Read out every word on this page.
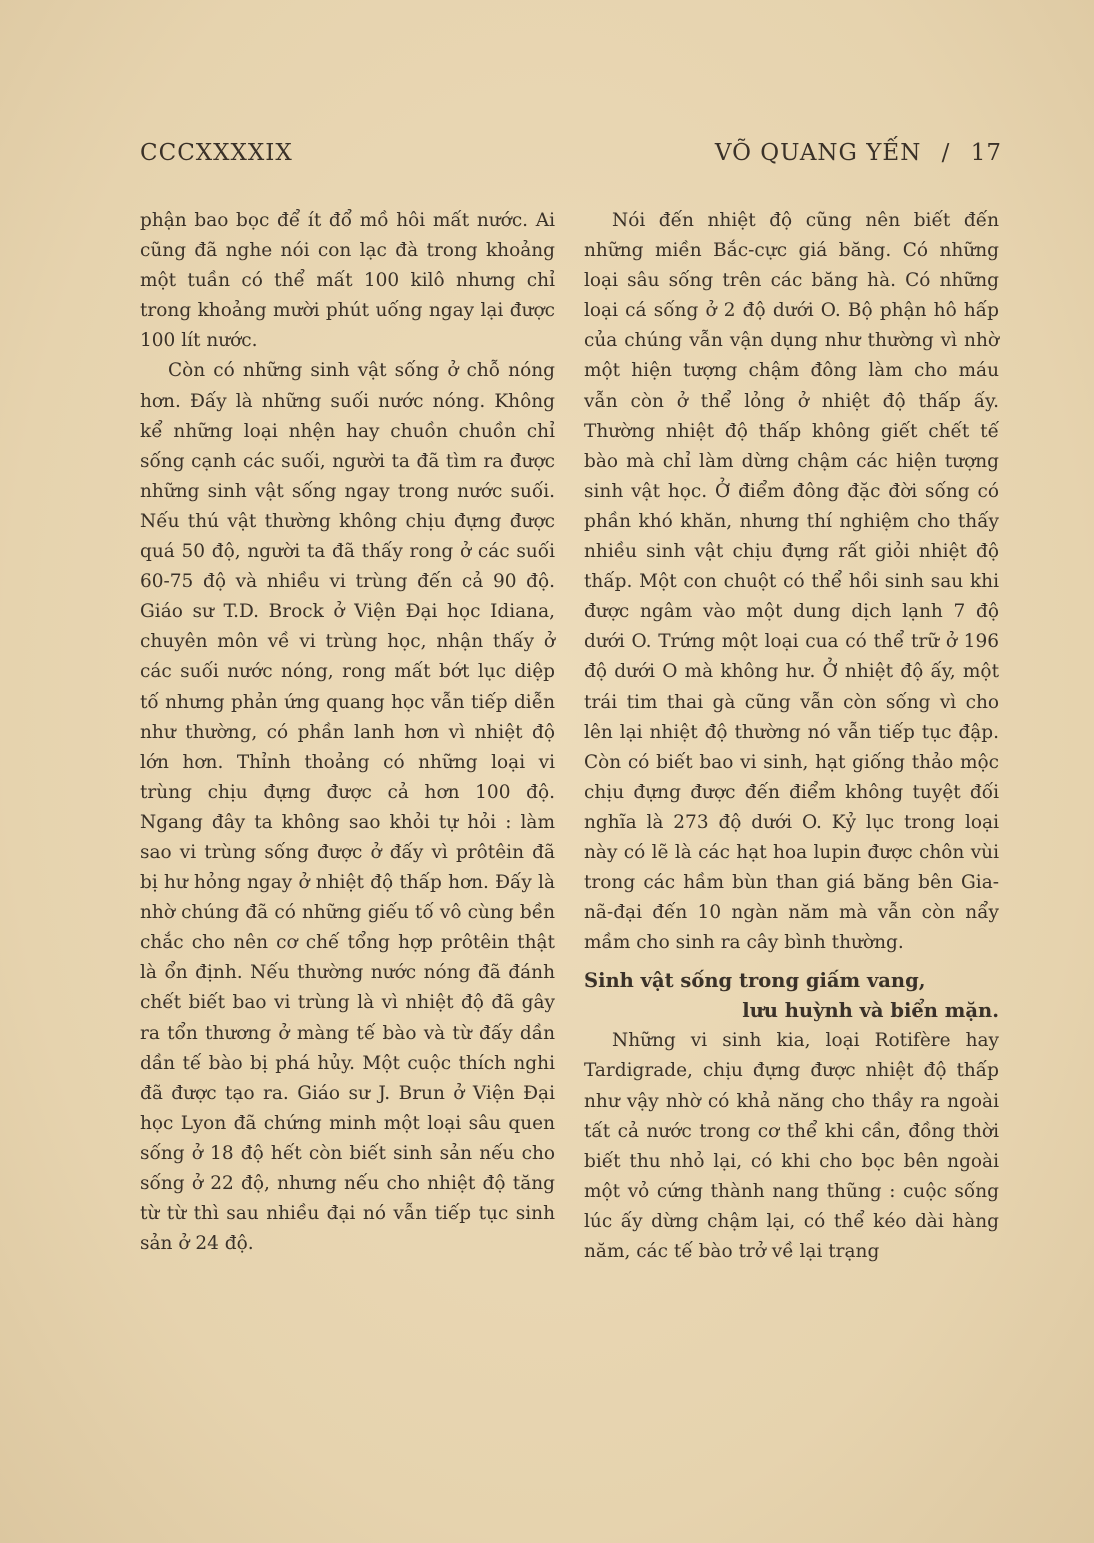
CCCXXXXIX	VÕ QUANG YẾN / 17

phận bao bọc để ít đổ mồ hôi mất nước. Ai cũng đã nghe nói con lạc đà trong khoảng một tuần có thể mất 100 kilô nhưng chỉ trong khoảng mười phút uống ngay lại được 100 lít nước.

Còn có những sinh vật sống ở chỗ nóng hơn. Đấy là những suối nước nóng. Không kể những loại nhện hay chuồn chuồn chỉ sống cạnh các suối, người ta đã tìm ra được những sinh vật sống ngay trong nước suối. Nếu thú vật thường không chịu đựng được quá 50 độ, người ta đã thấy rong ở các suối 60-75 độ và nhiều vi trùng đến cả 90 độ. Giáo sư T.D. Brock ở Viện Đại học Idiana, chuyên môn về vi trùng học, nhận thấy ở các suối nước nóng, rong mất bớt lục diệp tố nhưng phản ứng quang học vẫn tiếp diễn như thường, có phần lanh hơn vì nhiệt độ lớn hơn. Thỉnh thoảng có những loại vi trùng chịu đựng được cả hơn 100 độ. Ngang đây ta không sao khỏi tự hỏi : làm sao vi trùng sống được ở đấy vì prôtêin đã bị hư hỏng ngay ở nhiệt độ thấp hơn. Đấy là nhờ chúng đã có những giếu tố vô cùng bền chắc cho nên cơ chế tổng hợp prôtêin thật là ổn định. Nếu thường nước nóng đã đánh chết biết bao vi trùng là vì nhiệt độ đã gây ra tổn thương ở màng tế bào và từ đấy dần dần tế bào bị phá hủy. Một cuộc thích nghi đã được tạo ra. Giáo sư J. Brun ở Viện Đại học Lyon đã chứng minh một loại sâu quen sống ở 18 độ hết còn biết sinh sản nếu cho sống ở 22 độ, nhưng nếu cho nhiệt độ tăng từ từ thì sau nhiều đại nó vẫn tiếp tục sinh sản ở 24 độ.

Nói đến nhiệt độ cũng nên biết đến những miền Bắc-cực giá băng. Có những loại sâu sống trên các băng hà. Có những loại cá sống ở 2 độ dưới O. Bộ phận hô hấp của chúng vẫn vận dụng như thường vì nhờ một hiện tượng chậm đông làm cho máu vẫn còn ở thể lỏng ở nhiệt độ thấp ấy. Thường nhiệt độ thấp không giết chết tế bào mà chỉ làm dừng chậm các hiện tượng sinh vật học. Ở điểm đông đặc đời sống có phần khó khăn, nhưng thí nghiệm cho thấy nhiều sinh vật chịu đựng rất giỏi nhiệt độ thấp. Một con chuột có thể hồi sinh sau khi được ngâm vào một dung dịch lạnh 7 độ dưới O. Trứng một loại cua có thể trữ ở 196 độ dưới O mà không hư. Ở nhiệt độ ấy, một trái tim thai gà cũng vẫn còn sống vì cho lên lại nhiệt độ thường nó vẫn tiếp tục đập. Còn có biết bao vi sinh, hạt giống thảo mộc chịu đựng được đến điểm không tuyệt đối nghĩa là 273 độ dưới O. Kỷ lục trong loại này có lẽ là các hạt hoa lupin được chôn vùi trong các hầm bùn than giá băng bên Gia-nã-đại đến 10 ngàn năm mà vẫn còn nẩy mầm cho sinh ra cây bình thường.

Sinh vật sống trong giấm vang,
lưu huỳnh và biển mặn.

Những vi sinh kia, loại Rotifère hay Tardigrade, chịu đựng được nhiệt độ thấp như vậy nhờ có khả năng cho thầy ra ngoài tất cả nước trong cơ thể khi cần, đồng thời biết thu nhỏ lại, có khi cho bọc bên ngoài một vỏ cứng thành nang thũng : cuộc sống lúc ấy dừng chậm lại, có thể kéo dài hàng năm, các tế bào trở về lại trạng
